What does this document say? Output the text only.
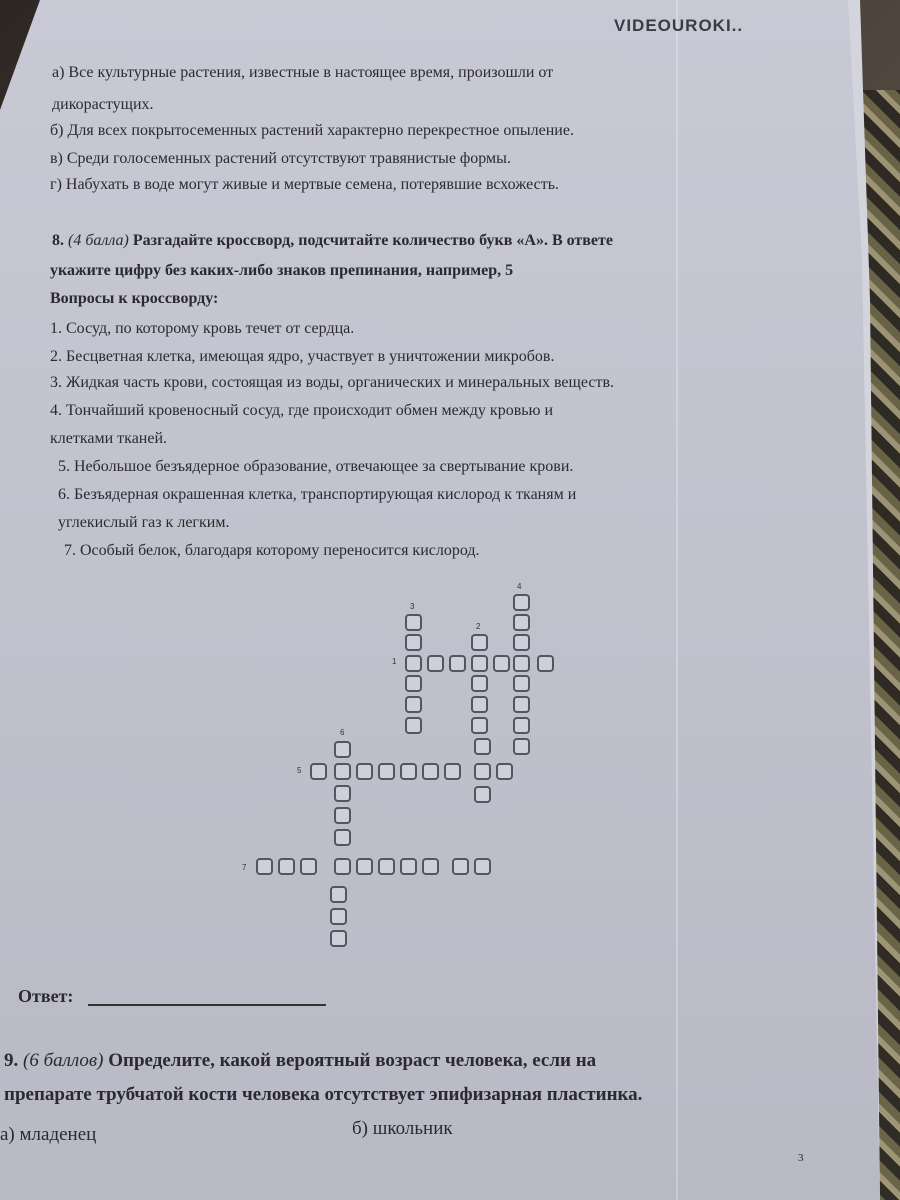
VIDEOUROKI..
а) Все культурные растения, известные в настоящее время, произошли от
дикорастущих.
б) Для всех покрытосеменных растений характерно перекрестное опыление.
в) Среди голосеменных растений отсутствуют травянистые формы.
г) Набухать в воде могут живые и мертвые семена, потерявшие всхожесть.
8. (4 балла) Разгадайте кроссворд, подсчитайте количество букв «А». В ответе
укажите цифру без каких-либо знаков препинания, например, 5
Вопросы к кроссворду:
1. Сосуд, по которому кровь течет от сердца.
2. Бесцветная клетка, имеющая ядро, участвует в уничтожении микробов.
3. Жидкая часть крови, состоящая из воды, органических и минеральных веществ.
4. Тончайший кровеносный сосуд, где происходит обмен между кровью и
клетками тканей.
5. Небольшое безъядерное образование, отвечающее за свертывание крови.
6. Безъядерная окрашенная клетка, транспортирующая кислород к тканям и
углекислый газ к легким.
7. Особый белок, благодаря которому переносится кислород.
1
2
3
4
5
6
7
Ответ:
9. (6 баллов) Определите, какой вероятный возраст человека, если на
препарате трубчатой кости человека отсутствует эпифизарная пластинка.
а) младенец	б) школьник
3
